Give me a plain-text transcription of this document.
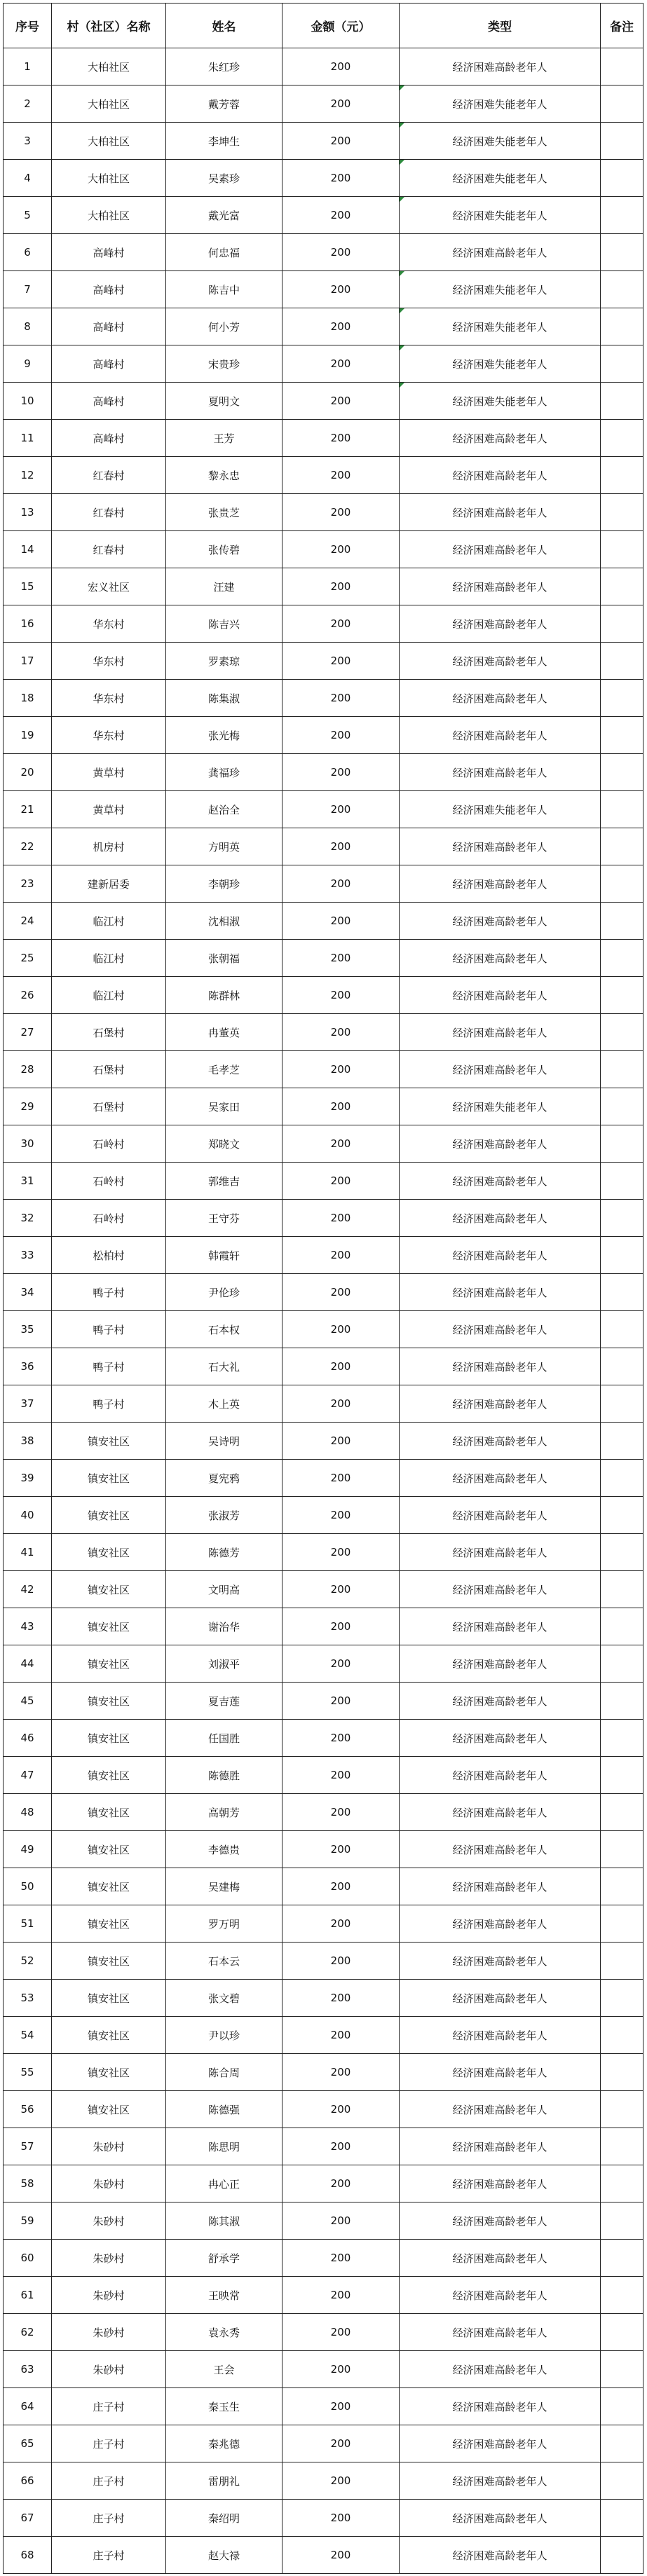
序号	村（社区）名称	姓名	金额（元）	类型	备注
1	大柏社区	朱红珍	200	经济困难高龄老年人	
2	大柏社区	戴芳蓉	200	经济困难失能老年人	
3	大柏社区	李坤生	200	经济困难失能老年人	
4	大柏社区	吴素珍	200	经济困难失能老年人	
5	大柏社区	戴光富	200	经济困难失能老年人	
6	高峰村	何忠福	200	经济困难高龄老年人	
7	高峰村	陈吉中	200	经济困难失能老年人	
8	高峰村	何小芳	200	经济困难失能老年人	
9	高峰村	宋贵珍	200	经济困难失能老年人	
10	高峰村	夏明文	200	经济困难失能老年人	
11	高峰村	王芳	200	经济困难高龄老年人	
12	红春村	黎永忠	200	经济困难高龄老年人	
13	红春村	张贵芝	200	经济困难高龄老年人	
14	红春村	张传碧	200	经济困难高龄老年人	
15	宏义社区	汪建	200	经济困难高龄老年人	
16	华东村	陈吉兴	200	经济困难高龄老年人	
17	华东村	罗素琼	200	经济困难高龄老年人	
18	华东村	陈集淑	200	经济困难高龄老年人	
19	华东村	张光梅	200	经济困难高龄老年人	
20	黄草村	龚福珍	200	经济困难高龄老年人	
21	黄草村	赵治全	200	经济困难失能老年人	
22	机房村	方明英	200	经济困难高龄老年人	
23	建新居委	李朝珍	200	经济困难高龄老年人	
24	临江村	沈相淑	200	经济困难高龄老年人	
25	临江村	张朝福	200	经济困难高龄老年人	
26	临江村	陈群林	200	经济困难高龄老年人	
27	石堡村	冉董英	200	经济困难高龄老年人	
28	石堡村	毛孝芝	200	经济困难高龄老年人	
29	石堡村	吴家田	200	经济困难失能老年人	
30	石岭村	郑晓文	200	经济困难高龄老年人	
31	石岭村	郭维吉	200	经济困难高龄老年人	
32	石岭村	王守芬	200	经济困难高龄老年人	
33	松柏村	韩霞轩	200	经济困难高龄老年人	
34	鸭子村	尹伦珍	200	经济困难高龄老年人	
35	鸭子村	石本权	200	经济困难高龄老年人	
36	鸭子村	石大礼	200	经济困难高龄老年人	
37	鸭子村	木上英	200	经济困难高龄老年人	
38	镇安社区	吴诗明	200	经济困难高龄老年人	
39	镇安社区	夏宪鸦	200	经济困难高龄老年人	
40	镇安社区	张淑芳	200	经济困难高龄老年人	
41	镇安社区	陈德芳	200	经济困难高龄老年人	
42	镇安社区	文明高	200	经济困难高龄老年人	
43	镇安社区	谢治华	200	经济困难高龄老年人	
44	镇安社区	刘淑平	200	经济困难高龄老年人	
45	镇安社区	夏吉莲	200	经济困难高龄老年人	
46	镇安社区	任国胜	200	经济困难高龄老年人	
47	镇安社区	陈德胜	200	经济困难高龄老年人	
48	镇安社区	高朝芳	200	经济困难高龄老年人	
49	镇安社区	李德贵	200	经济困难高龄老年人	
50	镇安社区	吴建梅	200	经济困难高龄老年人	
51	镇安社区	罗万明	200	经济困难高龄老年人	
52	镇安社区	石本云	200	经济困难高龄老年人	
53	镇安社区	张文碧	200	经济困难高龄老年人	
54	镇安社区	尹以珍	200	经济困难高龄老年人	
55	镇安社区	陈合周	200	经济困难高龄老年人	
56	镇安社区	陈德强	200	经济困难高龄老年人	
57	朱砂村	陈思明	200	经济困难高龄老年人	
58	朱砂村	冉心正	200	经济困难高龄老年人	
59	朱砂村	陈其淑	200	经济困难高龄老年人	
60	朱砂村	舒承学	200	经济困难高龄老年人	
61	朱砂村	王映常	200	经济困难高龄老年人	
62	朱砂村	袁永秀	200	经济困难高龄老年人	
63	朱砂村	王会	200	经济困难高龄老年人	
64	庄子村	秦玉生	200	经济困难高龄老年人	
65	庄子村	秦兆德	200	经济困难高龄老年人	
66	庄子村	雷朋礼	200	经济困难高龄老年人	
67	庄子村	秦绍明	200	经济困难高龄老年人	
68	庄子村	赵大禄	200	经济困难高龄老年人	
